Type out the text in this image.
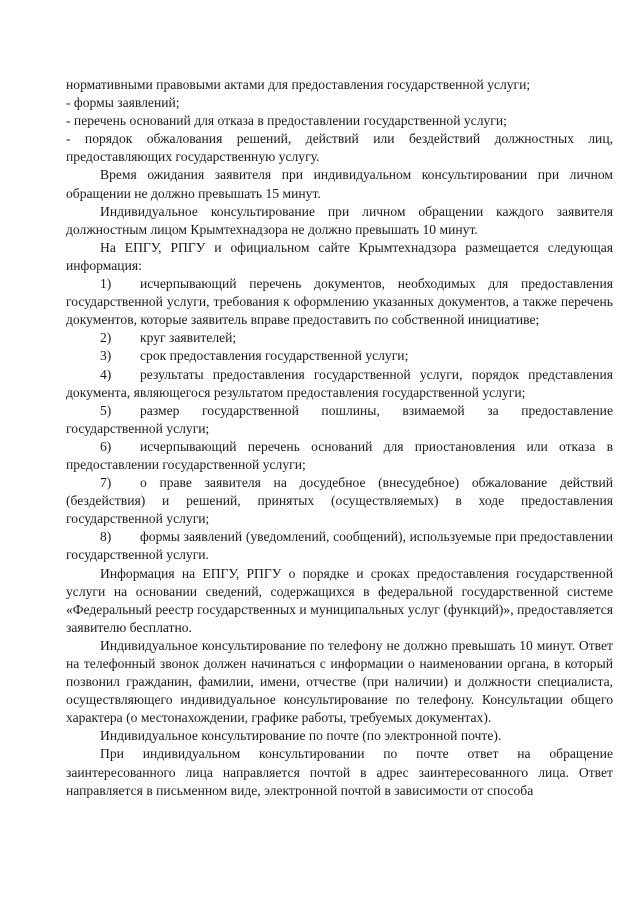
нормативными правовыми актами для предоставления государственной услуги;

- формы заявлений;

- перечень оснований для отказа в предоставлении государственной услуги;

- порядок обжалования решений, действий или бездействий должностных лиц, предоставляющих государственную услугу.

Время ожидания заявителя при индивидуальном консультировании при личном обращении не должно превышать 15 минут.

Индивидуальное консультирование при личном обращении каждого заявителя должностным лицом Крымтехнадзора не должно превышать 10 минут.

На ЕПГУ, РПГУ и официальном сайте Крымтехнадзора размещается следующая информация:

1) исчерпывающий перечень документов, необходимых для предоставления государственной услуги, требования к оформлению указанных документов, а также перечень документов, которые заявитель вправе предоставить по собственной инициативе;

2) круг заявителей;

3) срок предоставления государственной услуги;

4) результаты предоставления государственной услуги, порядок представления документа, являющегося результатом предоставления государственной услуги;

5) размер государственной пошлины, взимаемой за предоставление государственной услуги;

6) исчерпывающий перечень оснований для приостановления или отказа в предоставлении государственной услуги;

7) о праве заявителя на досудебное (внесудебное) обжалование действий (бездействия) и решений, принятых (осуществляемых) в ходе предоставления государственной услуги;

8) формы заявлений (уведомлений, сообщений), используемые при предоставлении государственной услуги.

Информация на ЕПГУ, РПГУ о порядке и сроках предоставления государственной услуги на основании сведений, содержащихся в федеральной государственной системе «Федеральный реестр государственных и муниципальных услуг (функций)», предоставляется заявителю бесплатно.

Индивидуальное консультирование по телефону не должно превышать 10 минут. Ответ на телефонный звонок должен начинаться с информации о наименовании органа, в который позвонил гражданин, фамилии, имени, отчестве (при наличии) и должности специалиста, осуществляющего индивидуальное консультирование по телефону. Консультации общего характера (о местонахождении, графике работы, требуемых документах).

Индивидуальное консультирование по почте (по электронной почте).

При индивидуальном консультировании по почте ответ на обращение заинтересованного лица направляется почтой в адрес заинтересованного лица. Ответ направляется в письменном виде, электронной почтой в зависимости от способа
